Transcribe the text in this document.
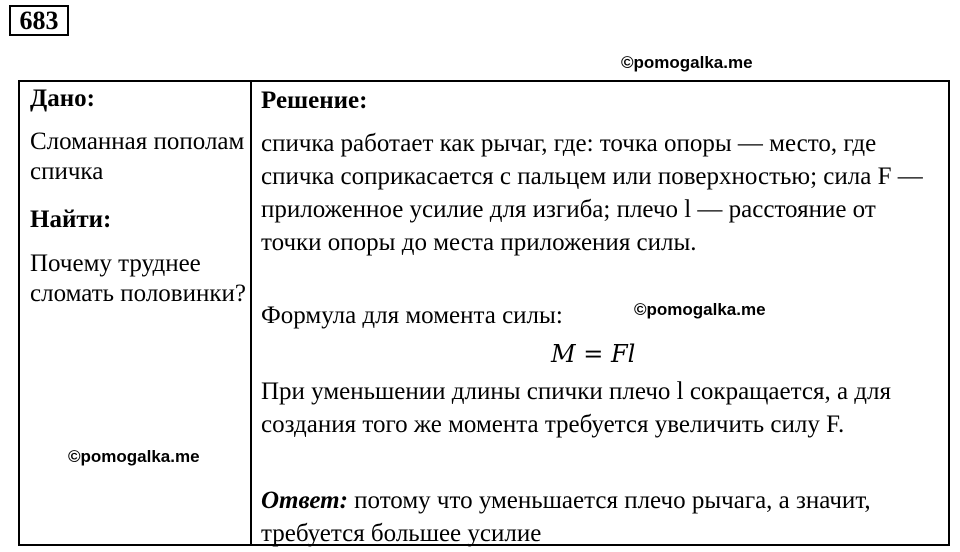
683
©pomogalka.me

Дано:

Сломанная пополам спичка

Найти:

Почему труднее сломать половинки?

Решение:
спичка работает как рычаг, где: точка опоры — место, где спичка соприкасается с пальцем или поверхностью; сила F — приложенное усилие для изгиба; плечо l — расстояние от точки опоры до места приложения силы.
Формула для момента силы:
M = Fl
При уменьшении длины спички плечо l сокращается, а для создания того же момента требуется увеличить силу F.
Ответ: потому что уменьшается плечо рычага, а значит, требуется большее усилие
©pomogalka.me
©pomogalka.me
